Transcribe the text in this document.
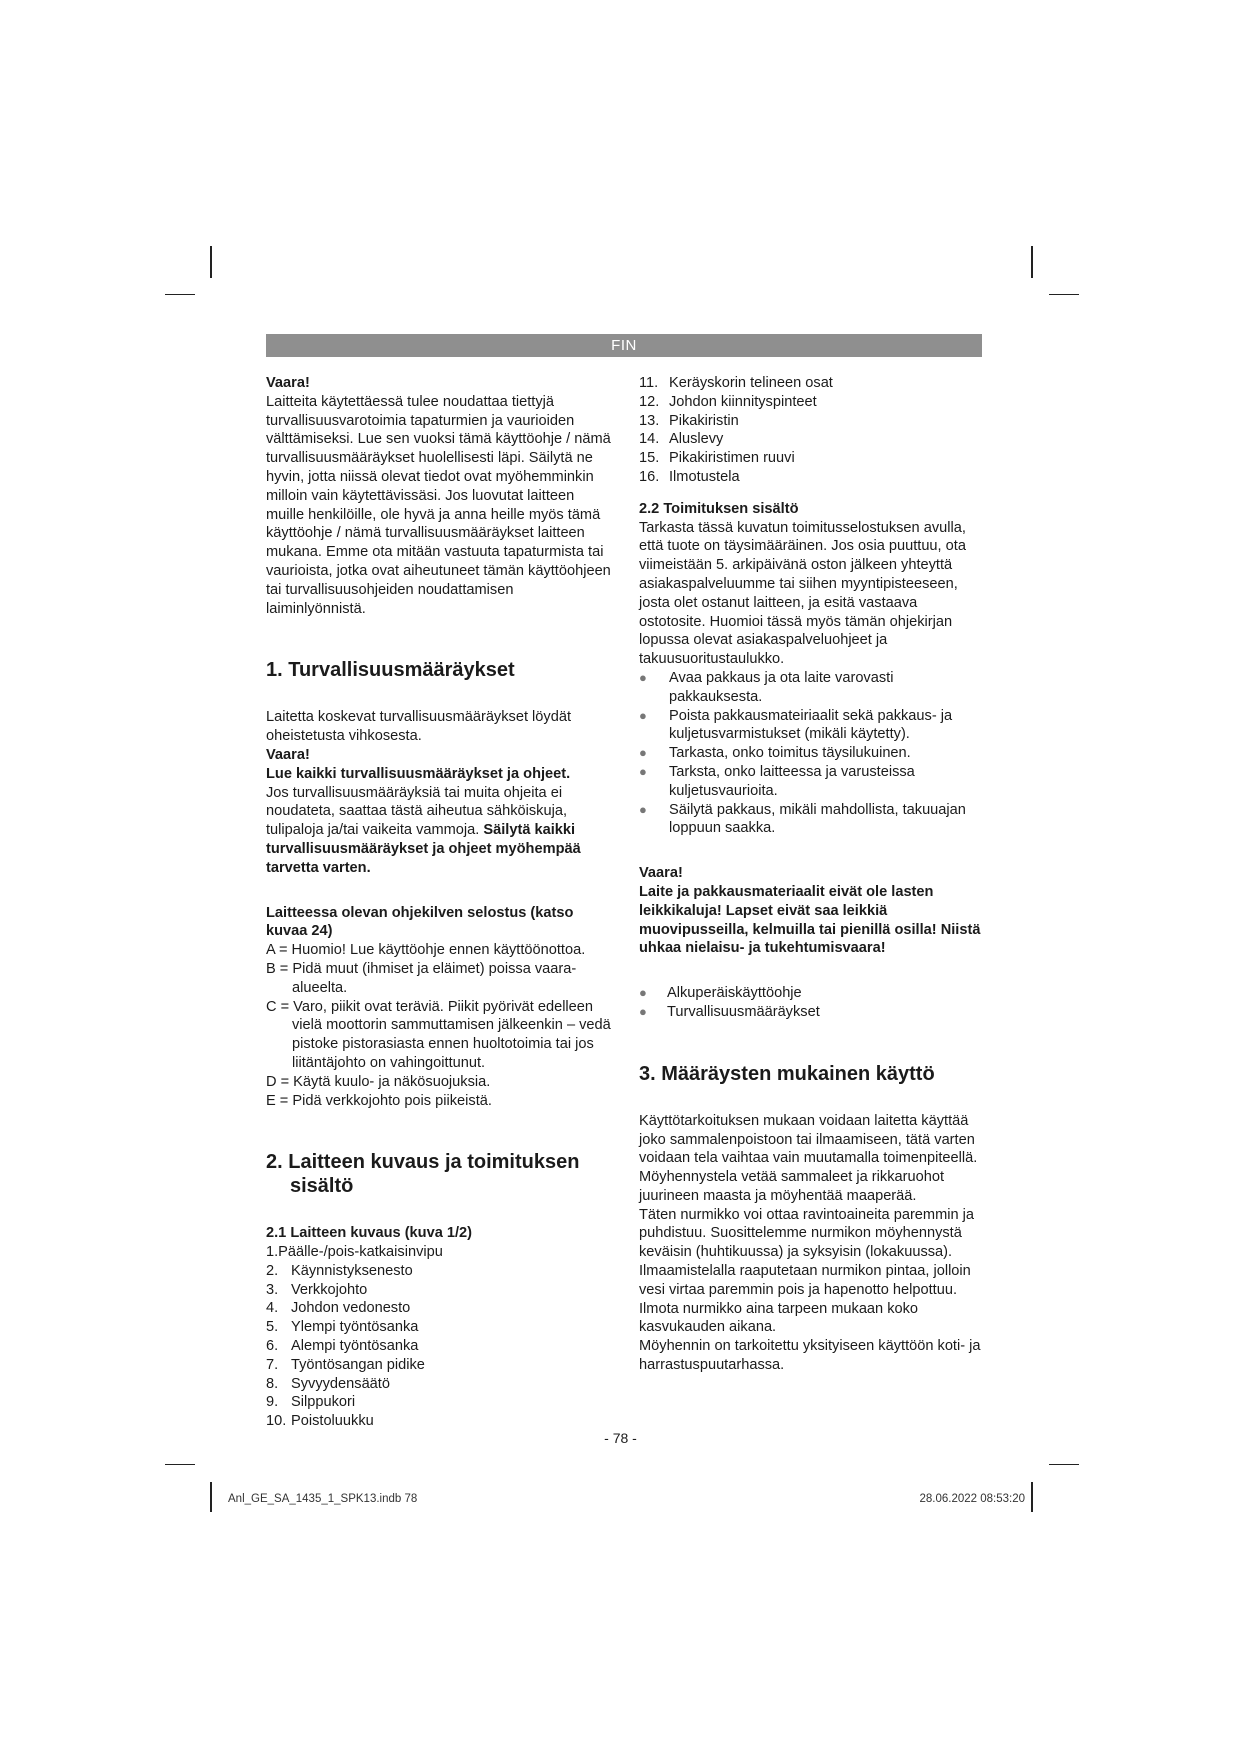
FIN

Vaara!

Laitteita käytettäessä tulee noudattaa tiettyjä turvallisuusvarotoimia tapaturmien ja vaurioiden välttämiseksi. Lue sen vuoksi tämä käyttöohje / nämä turvallisuusmääräykset huolellisesti läpi. Säilytä ne hyvin, jotta niissä olevat tiedot ovat myöhemminkin milloin vain käytettävissäsi. Jos luovutat laitteen muille henkilöille, ole hyvä ja anna heille myös tämä käyttöohje / nämä turvallisuusmääräykset laitteen mukana. Emme ota mitään vastuuta tapaturmista tai vaurioista, jotka ovat aiheutuneet tämän käyttöohjeen tai turvallisuusohjeiden noudattamisen laiminlyönnistä.

1. Turvallisuusmääräykset

Laitetta koskevat turvallisuusmääräykset löydät oheistetusta vihkosesta.

Vaara!

Lue kaikki turvallisuusmääräykset ja ohjeet.

Jos turvallisuusmääräyksiä tai muita ohjeita ei noudateta, saattaa tästä aiheutua sähköiskuja, tulipaloja ja/tai vaikeita vammoja. Säilytä kaikki turvallisuusmääräykset ja ohjeet myöhempää tarvetta varten.

Laitteessa olevan ohjekilven selostus (katso kuvaa 24)

A = Huomio! Lue käyttöohje ennen käyttöönottoa.

B = Pidä muut (ihmiset ja eläimet) poissa vaara-alueelta.

C = Varo, piikit ovat teräviä. Piikit pyörivät edelleen vielä moottorin sammuttamisen jälkeenkin – vedä pistoke pistorasiasta ennen huoltotoimia tai jos liitäntäjohto on vahingoittunut.

D = Käytä kuulo- ja näkösuojuksia.

E = Pidä verkkojohto pois piikeistä.

2. Laitteen kuvaus ja toimituksen
sisältö

2.1 Laitteen kuvaus (kuva 1/2)

1.Päälle-/pois-katkaisinvipu

2. Käynnistyksenesto
3. Verkkojohto
4. Johdon vedonesto
5. Ylempi työntösanka
6. Alempi työntösanka
7. Työntösangan pidike
8. Syvyydensäätö
9. Silppukori
10. Poistoluukku
11. Keräyskorin telineen osat
12. Johdon kiinnityspinteet
13. Pikakiristin
14. Aluslevy
15. Pikakiristimen ruuvi
16. Ilmotustela

2.2 Toimituksen sisältö

Tarkasta tässä kuvatun toimitusselostuksen avulla, että tuote on täysimääräinen. Jos osia puuttuu, ota viimeistään 5. arkipäivänä oston jälkeen yhteyttä asiakaspalveluumme tai siihen myyntipisteeseen, josta olet ostanut laitteen, ja esitä vastaava ostotosite. Huomioi tässä myös tämän ohjekirjan lopussa olevat asiakaspalveluohjeet ja takuusuoritustaulukko.

●	Avaa pakkaus ja ota laite varovasti pakkauksesta.
●	Poista pakkausmateiriaalit sekä pakkaus- ja kuljetusvarmistukset (mikäli käytetty).
●	Tarkasta, onko toimitus täysilukuinen.
●	Tarksta, onko laitteessa ja varusteissa kuljetusvaurioita.
●	Säilytä pakkaus, mikäli mahdollista, takuuajan loppuun saakka.

Vaara!

Laite ja pakkausmateriaalit eivät ole lasten leikkikaluja! Lapset eivät saa leikkiä muovipusseilla, kelmuilla tai pienillä osilla! Niistä uhkaa nielaisu- ja tukehtumisvaara!

●	Alkuperäiskäyttöohje
●	Turvallisuusmääräykset

3. Määräysten mukainen käyttö

Käyttötarkoituksen mukaan voidaan laitetta käyttää joko sammalenpoistoon tai ilmaamiseen, tätä varten voidaan tela vaihtaa vain muutamalla toimenpiteellä. Möyhennystela vetää sammaleet ja rikkaruohot juurineen maasta ja möyhentää maaperää.

Täten nurmikko voi ottaa ravintoaineita paremmin ja puhdistuu. Suosittelemme nurmikon möyhennystä keväisin (huhtikuussa) ja syksyisin (lokakuussa).

Ilmaamistelalla raaputetaan nurmikon pintaa, jolloin vesi virtaa paremmin pois ja hapenotto helpottuu. Ilmota nurmikko aina tarpeen mukaan koko kasvukauden aikana.

Möyhennin on tarkoitettu yksityiseen käyttöön koti- ja harrastuspuutarhassa.

- 78 -
Anl_GE_SA_1435_1_SPK13.indb 78	28.06.2022 08:53:20
